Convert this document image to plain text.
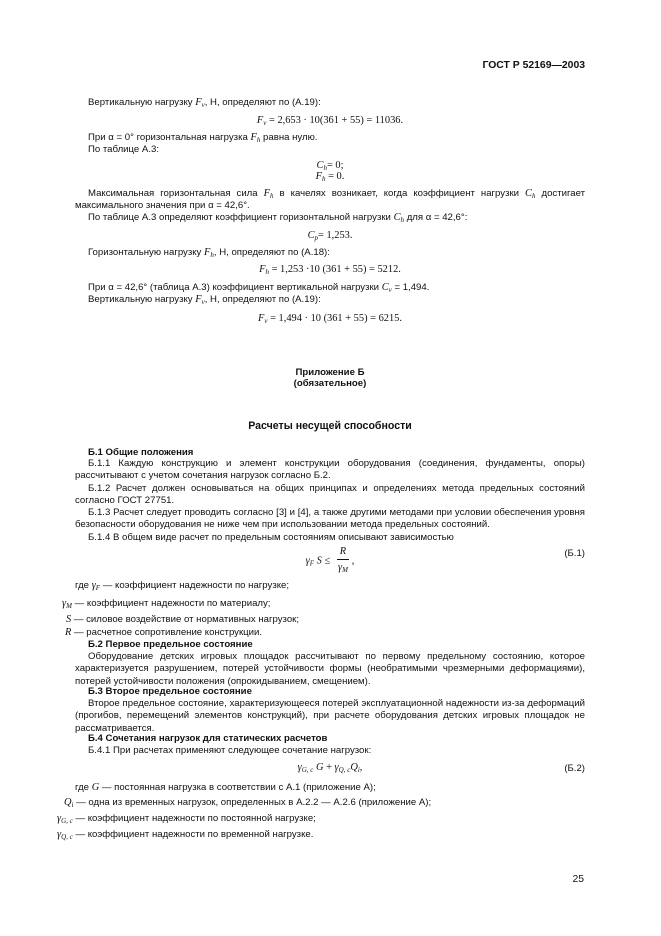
ГОСТ Р 52169—2003
Вертикальную нагрузку $F_v$, Н, определяют по (А.19):
$F_v = 2,653 \cdot 10(361 + 55) = 11036$.
При α = 0° горизонтальная нагрузка $F_h$ равна нулю.
По таблице А.3:
$C_h= 0$;
$F_h = 0$.
Максимальная горизонтальная сила $F_h$ в качелях возникает, когда коэффициент нагрузки $C_h$ достигает
максимального значения при α = 42,6°.
По таблице А.3 определяют коэффициент горизонтальной нагрузки $C_h$ для α = 42,6°:
$C_p= 1,253$.
Горизонтальную нагрузку $F_h$, Н, определяют по (А.18):
$F_h = 1,253 \cdot 10$ (361 + 55) = 5212.
При α = 42,6° (таблица А.3) коэффициент вертикальной нагрузки $C_v = 1,494$.
Вертикальную нагрузку $F_v$, Н, определяют по (А.19):
$F_v = 1,494 \cdot 10$ (361 + 55) = 6215.
Приложение Б
(обязательное)
Расчеты несущей способности
Б.1 Общие положения
Б.1.1 Каждую конструкцию и элемент конструкции оборудования (соединения, фундаменты, опоры) рассчитывают с учетом сочетания нагрузок согласно Б.2.
Б.1.2 Расчет должен основываться на общих принципах и определениях метода предельных состояний согласно ГОСТ 27751.
Б.1.3 Расчет следует проводить согласно [3] и [4], а также другими методами при условии обеспечения уровня безопасности оборудования не ниже чем при использовании метода предельных состояний.
Б.1.4 В общем виде расчет по предельным состояниям описывают зависимостью
$\gamma_F$ $S \le \frac{R}{\gamma_M}$ ,
(Б.1)
где $\gamma_F$ — коэффициент надежности по нагрузке;
$\gamma_M$ — коэффициент надежности по материалу;
S — силовое воздействие от нормативных нагрузок;
R — расчетное сопротивление конструкции.
Б.2 Первое предельное состояние
Оборудование детских игровых площадок рассчитывают по первому предельному состоянию, которое характеризуется разрушением, потерей устойчивости формы (необратимыми чрезмерными деформациями), потерей устойчивости положения (опрокидыванием, смещением).
Б.3 Второе предельное состояние
Второе предельное состояние, характеризующееся потерей эксплуатационной надежности из-за деформаций (прогибов, перемещений элементов конструкций), при расчете оборудования детских игровых площадок не рассматривается.
Б.4 Сочетания нагрузок для статических расчетов
Б.4.1 При расчетах применяют следующее сочетание нагрузок:
$\gamma_{G, c}$ $G + \gamma_{Q, c}Q_i$,	(Б.2)
где G — постоянная нагрузка в соответствии с А.1 (приложение А);
$Q_i$ — одна из временных нагрузок, определенных в А.2.2 — А.2.6 (приложение А);
$\gamma_{G, c}$ — коэффициент надежности по постоянной нагрузке;
$\gamma_{Q, c}$ — коэффициент надежности по временной нагрузке.
25
